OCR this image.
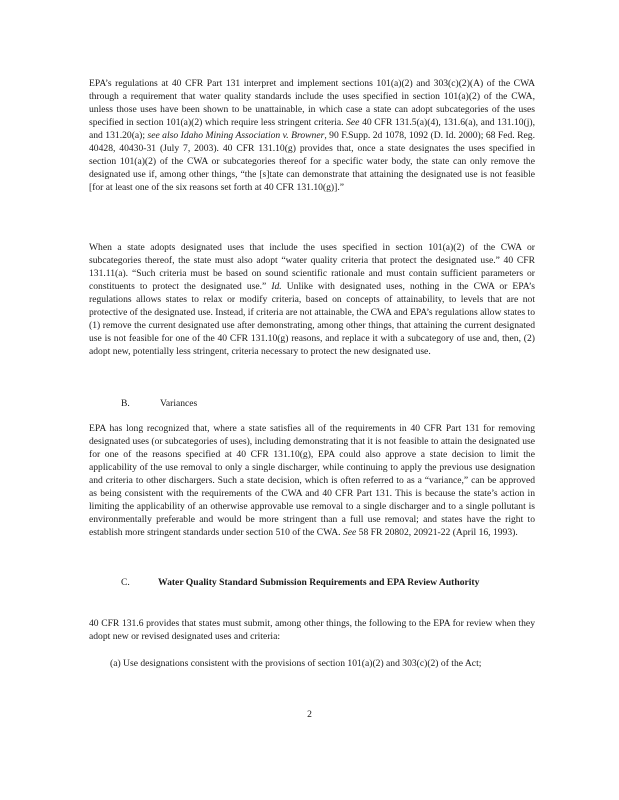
EPA’s regulations at 40 CFR Part 131 interpret and implement sections 101(a)(2) and 303(c)(2)(A) of the CWA through a requirement that water quality standards include the uses specified in section 101(a)(2) of the CWA, unless those uses have been shown to be unattainable, in which case a state can adopt subcategories of the uses specified in section 101(a)(2) which require less stringent criteria. See 40 CFR 131.5(a)(4), 131.6(a), and 131.10(j), and 131.20(a); see also Idaho Mining Association v. Browner, 90 F.Supp. 2d 1078, 1092 (D. Id. 2000); 68 Fed. Reg. 40428, 40430-31 (July 7, 2003). 40 CFR 131.10(g) provides that, once a state designates the uses specified in section 101(a)(2) of the CWA or subcategories thereof for a specific water body, the state can only remove the designated use if, among other things, “the [s]tate can demonstrate that attaining the designated use is not feasible [for at least one of the six reasons set forth at 40 CFR 131.10(g)].”

When a state adopts designated uses that include the uses specified in section 101(a)(2) of the CWA or subcategories thereof, the state must also adopt “water quality criteria that protect the designated use.” 40 CFR 131.11(a). “Such criteria must be based on sound scientific rationale and must contain sufficient parameters or constituents to protect the designated use.” Id. Unlike with designated uses, nothing in the CWA or EPA’s regulations allows states to relax or modify criteria, based on concepts of attainability, to levels that are not protective of the designated use. Instead, if criteria are not attainable, the CWA and EPA’s regulations allow states to (1) remove the current designated use after demonstrating, among other things, that attaining the current designated use is not feasible for one of the 40 CFR 131.10(g) reasons, and replace it with a subcategory of use and, then, (2) adopt new, potentially less stringent, criteria necessary to protect the new designated use.

B.	Variances

EPA has long recognized that, where a state satisfies all of the requirements in 40 CFR Part 131 for removing designated uses (or subcategories of uses), including demonstrating that it is not feasible to attain the designated use for one of the reasons specified at 40 CFR 131.10(g), EPA could also approve a state decision to limit the applicability of the use removal to only a single discharger, while continuing to apply the previous use designation and criteria to other dischargers. Such a state decision, which is often referred to as a “variance,” can be approved as being consistent with the requirements of the CWA and 40 CFR Part 131. This is because the state’s action in limiting the applicability of an otherwise approvable use removal to a single discharger and to a single pollutant is environmentally preferable and would be more stringent than a full use removal; and states have the right to establish more stringent standards under section 510 of the CWA. See 58 FR 20802, 20921-22 (April 16, 1993).

C.	Water Quality Standard Submission Requirements and EPA Review Authority

40 CFR 131.6 provides that states must submit, among other things, the following to the EPA for review when they adopt new or revised designated uses and criteria:

(a) Use designations consistent with the provisions of section 101(a)(2) and 303(c)(2) of the Act;

2
